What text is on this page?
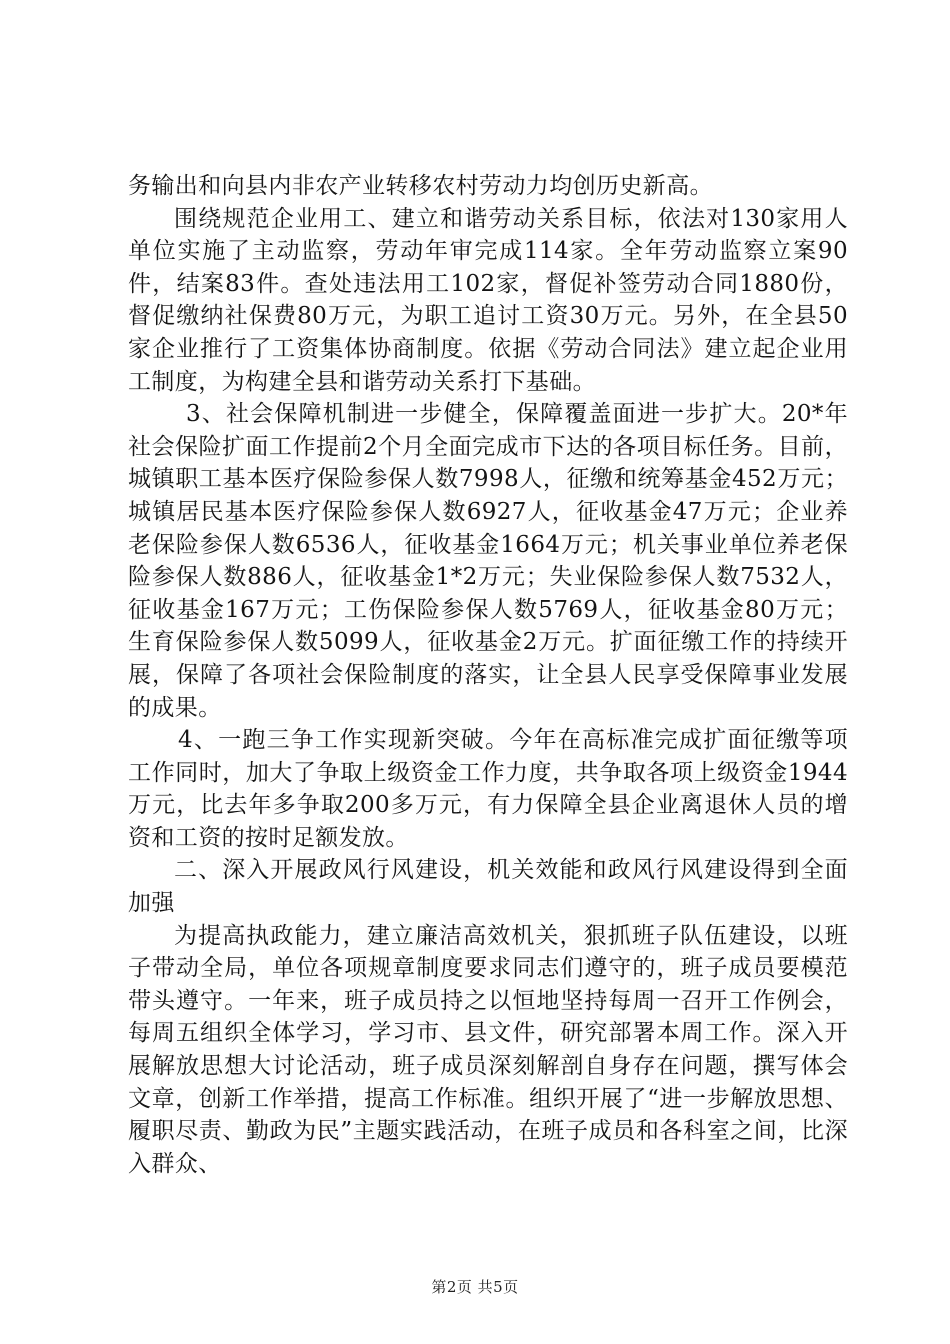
务输出和向县内非农产业转移农村劳动力均创历史新高。

围绕规范企业用工、建立和谐劳动关系目标，依法对130家用人单位实施了主动监察，劳动年审完成114家。全年劳动监察立案90件，结案83件。查处违法用工102家，督促补签劳动合同1880份，督促缴纳社保费80万元，为职工追讨工资30万元。另外，在全县50家企业推行了工资集体协商制度。依据《劳动合同法》建立起企业用工制度，为构建全县和谐劳动关系打下基础。

3、社会保障机制进一步健全，保障覆盖面进一步扩大。20*年社会保险扩面工作提前2个月全面完成市下达的各项目标任务。目前，城镇职工基本医疗保险参保人数7998人，征缴和统筹基金452万元；城镇居民基本医疗保险参保人数6927人，征收基金47万元；企业养老保险参保人数6536人，征收基金1664万元；机关事业单位养老保险参保人数886人，征收基金1*2万元；失业保险参保人数7532人，征收基金167万元；工伤保险参保人数5769人，征收基金80万元；生育保险参保人数5099人，征收基金2万元。扩面征缴工作的持续开展，保障了各项社会保险制度的落实，让全县人民享受保障事业发展的成果。

4、一跑三争工作实现新突破。今年在高标准完成扩面征缴等项工作同时，加大了争取上级资金工作力度，共争取各项上级资金1944万元，比去年多争取200多万元，有力保障全县企业离退休人员的增资和工资的按时足额发放。

二、深入开展政风行风建设，机关效能和政风行风建设得到全面加强

为提高执政能力，建立廉洁高效机关，狠抓班子队伍建设，以班子带动全局，单位各项规章制度要求同志们遵守的，班子成员要模范带头遵守。一年来，班子成员持之以恒地坚持每周一召开工作例会，每周五组织全体学习，学习市、县文件，研究部署本周工作。深入开展解放思想大讨论活动，班子成员深刻解剖自身存在问题，撰写体会文章，创新工作举措，提高工作标准。组织开展了“进一步解放思想、履职尽责、勤政为民”主题实践活动，在班子成员和各科室之间，比深入群众、

第2页 共5页
